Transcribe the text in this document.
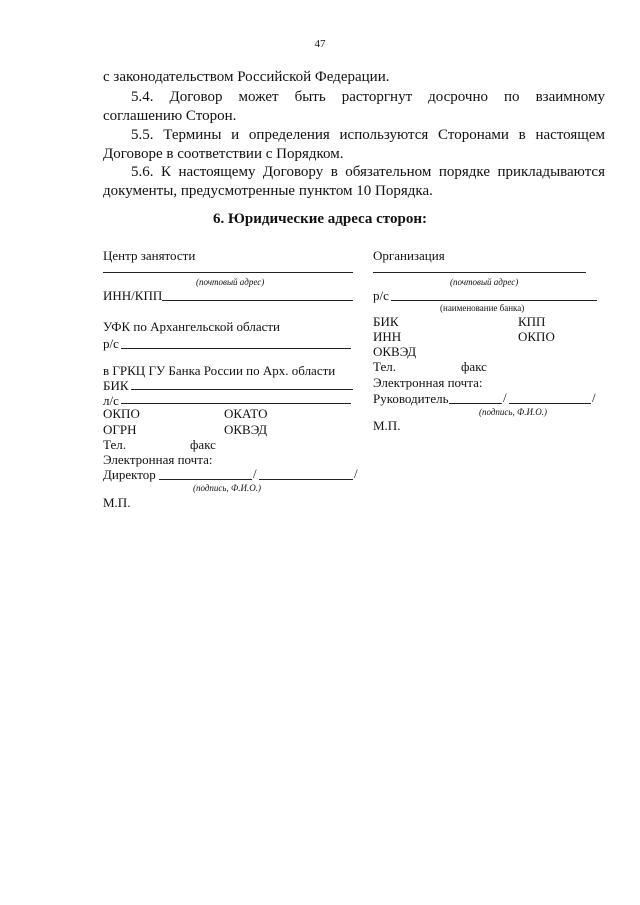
47
с законодательством Российской Федерации.
5.4. Договор может быть расторгнут досрочно по взаимному
соглашению Сторон.
5.5. Термины и определения используются Сторонами в настоящем
Договоре в соответствии с Порядком.
5.6. К настоящему Договору в обязательном порядке прикладываются
документы, предусмотренные пунктом 10 Порядка.
6. Юридические адреса сторон:
Центр занятости
(почтовый адрес)
ИНН/КПП
УФК по Архангельской области
р/с
в ГРКЦ ГУ Банка России по Арх. области
БИК
л/с
ОКПО	ОКАТО
ОГРН	ОКВЭД
Тел.	факс
Электронная почта:
Директор	/	/
(подпись, Ф.И.О.)
М.П.
Организация
(почтовый адрес)
р/с
(наименование банка)
БИК	КПП
ИНН	ОКПО
ОКВЭД
Тел.	факс
Электронная почта:
Руководитель	/	/
(подпись, Ф.И.О.)
М.П.
